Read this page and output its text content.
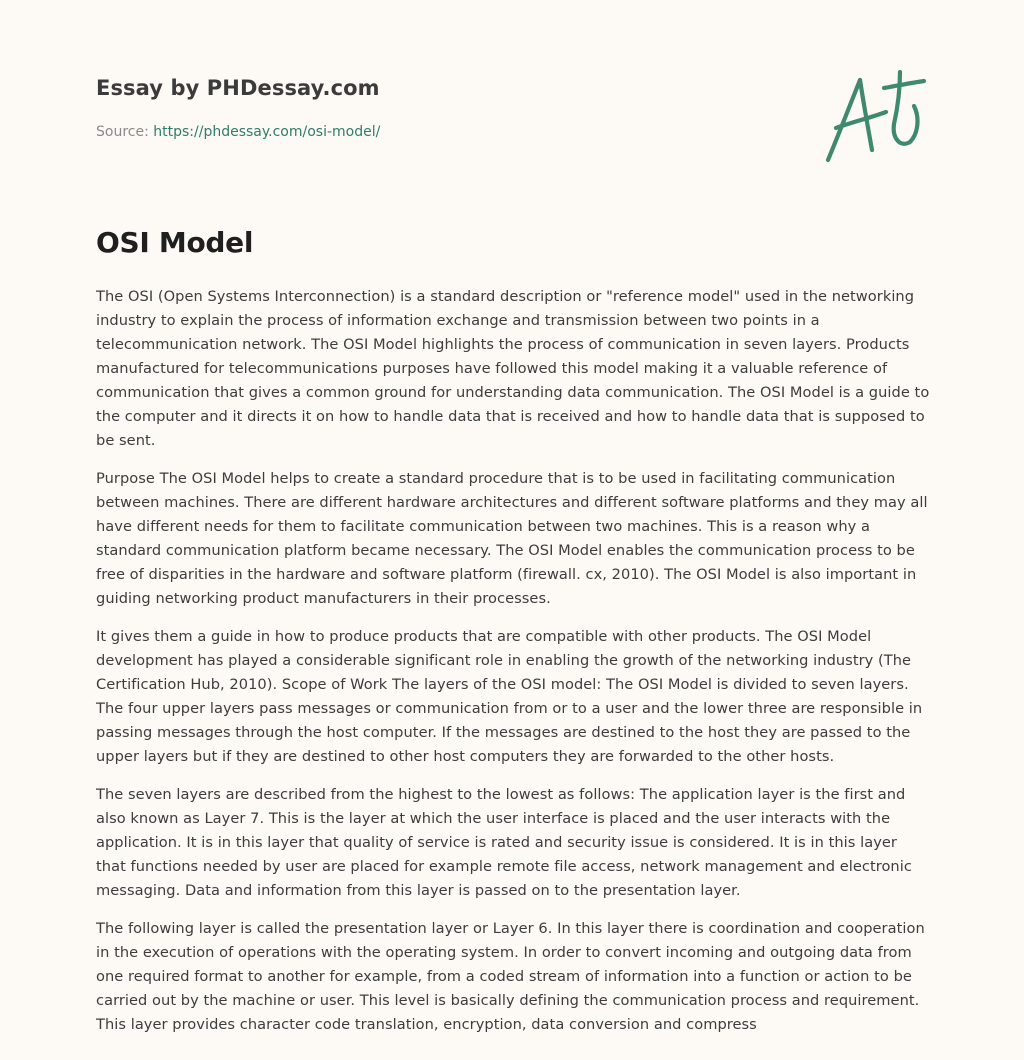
Essay by PHDessay.com
Source: https://phdessay.com/osi-model/
OSI Model

The OSI (Open Systems Interconnection) is a standard description or "reference model" used in the networking industry to explain the process of information exchange and transmission between two points in a telecommunication network. The OSI Model highlights the process of communication in seven layers. Products manufactured for telecommunications purposes have followed this model making it a valuable reference of communication that gives a common ground for understanding data communication. The OSI Model is a guide to the computer and it directs it on how to handle data that is received and how to handle data that is supposed to be sent.

Purpose The OSI Model helps to create a standard procedure that is to be used in facilitating communication between machines. There are different hardware architectures and different software platforms and they may all have different needs for them to facilitate communication between two machines. This is a reason why a standard communication platform became necessary. The OSI Model enables the communication process to be free of disparities in the hardware and software platform (firewall. cx, 2010). The OSI Model is also important in guiding networking product manufacturers in their processes.

It gives them a guide in how to produce products that are compatible with other products. The OSI Model development has played a considerable significant role in enabling the growth of the networking industry (The Certification Hub, 2010). Scope of Work The layers of the OSI model: The OSI Model is divided to seven layers. The four upper layers pass messages or communication from or to a user and the lower three are responsible in passing messages through the host computer. If the messages are destined to the host they are passed to the upper layers but if they are destined to other host computers they are forwarded to the other hosts.

The seven layers are described from the highest to the lowest as follows: The application layer is the first and also known as Layer 7. This is the layer at which the user interface is placed and the user interacts with the application. It is in this layer that quality of service is rated and security issue is considered. It is in this layer that functions needed by user are placed for example remote file access, network management and electronic messaging. Data and information from this layer is passed on to the presentation layer.

The following layer is called the presentation layer or Layer 6. In this layer there is coordination and cooperation in the execution of operations with the operating system. In order to convert incoming and outgoing data from one required format to another for example, from a coded stream of information into a function or action to be carried out by the machine or user. This level is basically defining the communication process and requirement. This layer provides character code translation, encryption, data conversion and compress
